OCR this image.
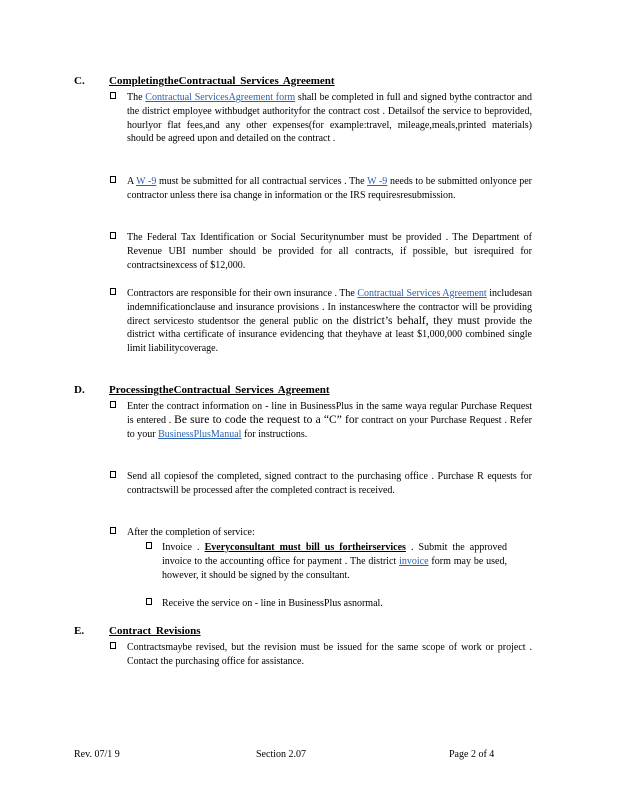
C. CompletingtheContractual Services Agreement
The Contractual ServicesAgreement form shall be completed in full and signed bythe contractor and the district employee withbudget authorityfor the contract cost . Detailsof the service to beprovided, hourlyor flat fees,and any other expenses(for example:travel, mileage,meals,printed materials) should be agreed upon and detailed on the contract .
A W -9 must be submitted for all contractual services . The W -9 needs to be submitted onlyonce per contractor unless there isa change in information or the IRS requiresresubmission.
The Federal Tax Identification or Social Securitynumber must be provided . The Department of Revenue UBI number should be provided for all contracts, if possible, but isrequired for contractsinexcess of $12,000.
Contractors are responsible for their own insurance . The Contractual Services Agreement includesan indemnificationclause and insurance provisions . In instanceswhere the contractor will be providing direct servicesto studentsor the general public on the district’s behalf, they must provide the district witha certificate of insurance evidencing that theyhave at least $1,000,000 combined single limit liabilitycoverage.
D. ProcessingtheContractual Services Agreement
Enter the contract information on - line in BusinessPlus in the same waya regular Purchase Request is entered . Be sure to code the request to a “C” for contract on your Purchase Request . Refer to your BusinessPlusManual for instructions.
Send all copiesof the completed, signed contract to the purchasing office . Purchase R equests for contractswill be processed after the completed contract is received.
After the completion of service:
Invoice . Everyconsultant must bill us fortheirservices . Submit the approved invoice to the accounting office for payment . The district invoice form may be used, however, it should be signed by the consultant.
Receive the service on - line in BusinessPlus asnormal.
E. Contract Revisions
Contractsmaybe revised, but the revision must be issued for the same scope of work or project . Contact the purchasing office for assistance.
Rev. 07/1 9	Section 2.07	Page 2 of 4
